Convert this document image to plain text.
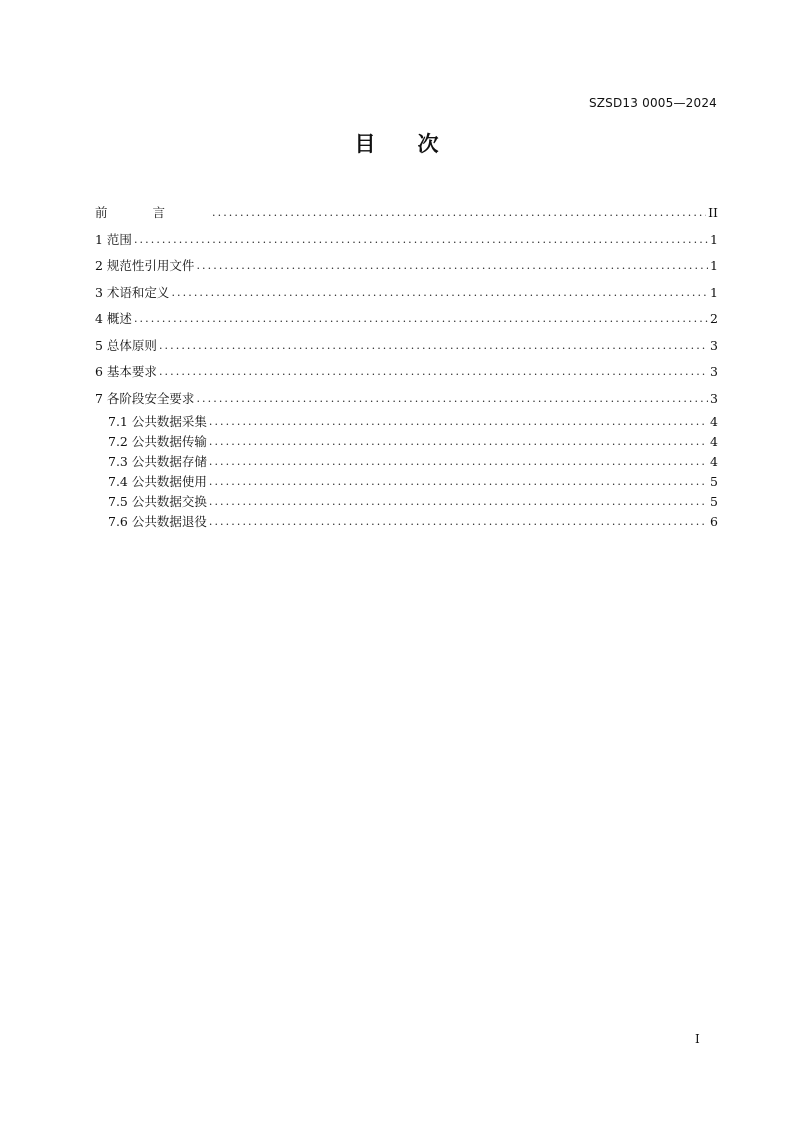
SZSD13 0005—2024
目次
前言 .....	II
1 范围 .....	1
2 规范性引用文件 .....	1
3 术语和定义 .....	1
4 概述 .....	2
5 总体原则 .....	3
6 基本要求 .....	3
7 各阶段安全要求 .....	3
7.1 公共数据采集 .....	4
7.2 公共数据传输 .....	4
7.3 公共数据存储 .....	4
7.4 公共数据使用 .....	5
7.5 公共数据交换 .....	5
7.6 公共数据退役 .....	6
I
